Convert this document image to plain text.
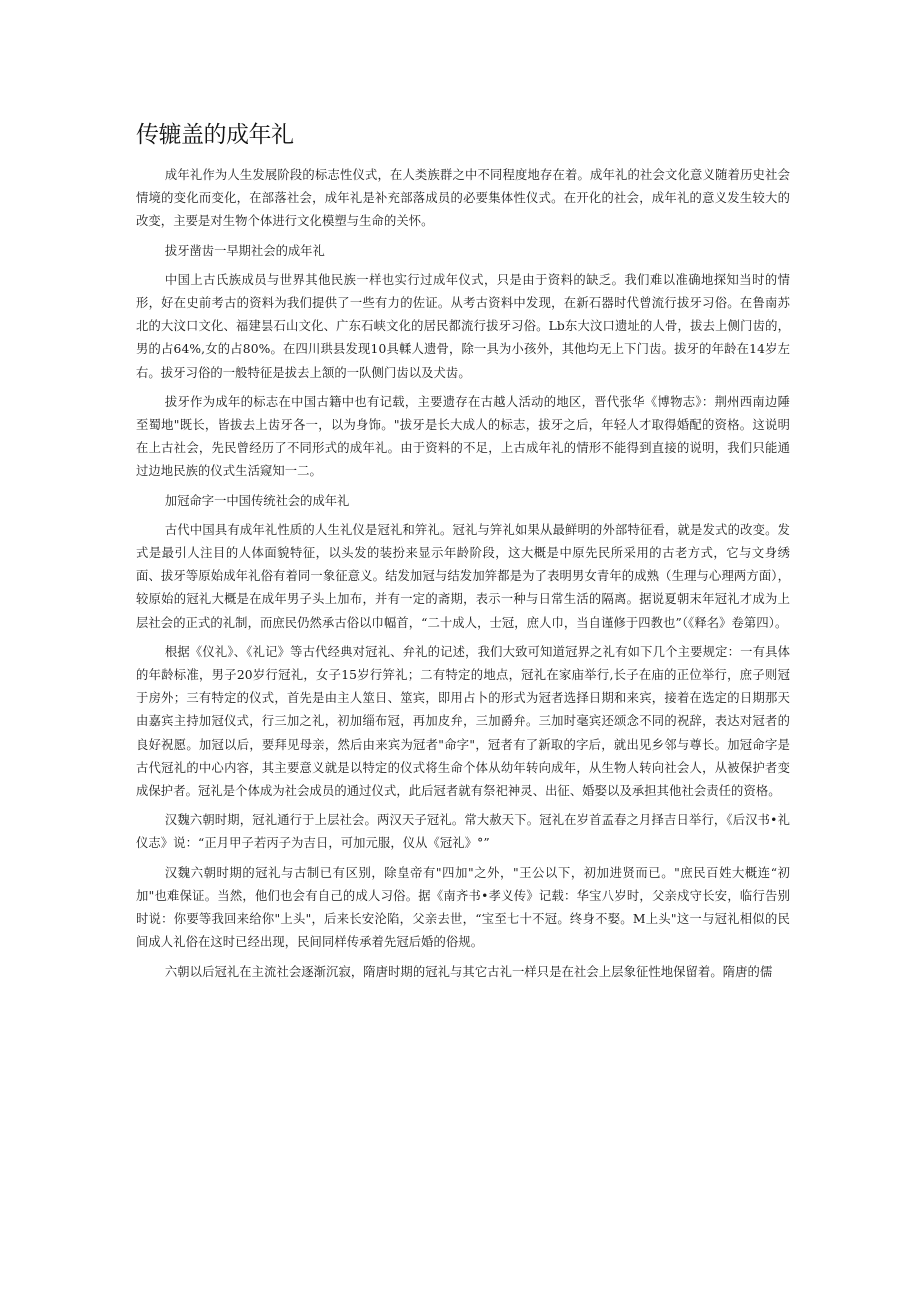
传辘盖的成年礼

成年礼作为人生发展阶段的标志性仪式，在人类族群之中不同程度地存在着。成年礼的社会文化意义随着历史社会情境的变化而变化，在部落社会，成年礼是补充部落成员的必要集体性仪式。在开化的社会，成年礼的意义发生较大的改变，主要是对生物个体进行文化模塑与生命的关怀。

拔牙凿齿一早期社会的成年礼

中国上古氏族成员与世界其他民族一样也实行过成年仪式，只是由于资料的缺乏。我们难以准确地探知当时的情形，好在史前考古的资料为我们提供了一些有力的佐证。从考古资料中发现，在新石器时代曾流行拔牙习俗。在鲁南苏北的大汶口文化、福建昙石山文化、广东石峡文化的居民都流行拔牙习俗。Lb东大汶口遗址的人骨，拔去上侧门齿的，男的占64%,女的占80%。在四川珙县发现10具輮人遗骨，除一具为小孩外，其他均无上下门齿。拔牙的年龄在14岁左右。拔牙习俗的一般特征是拔去上颔的一队侧门齿以及犬齿。

拔牙作为成年的标志在中国古籍中也有记载，主要遗存在古越人活动的地区，晋代张华《博物志》：荆州西南边陲至蜀地"既长，皆拔去上齿牙各一，以为身饰。"拔牙是长大成人的标志，拔牙之后，年轻人才取得婚配的资格。这说明在上古社会，先民曾经历了不同形式的成年礼。由于资料的不足，上古成年礼的情形不能得到直接的说明，我们只能通过边地民族的仪式生活窥知一二。

加冠命字一中国传统社会的成年礼

古代中国具有成年礼性质的人生礼仪是冠礼和笄礼。冠礼与笄礼如果从最鲜明的外部特征看，就是发式的改变。发式是最引人注目的人体面貌特征，以头发的装扮来显示年龄阶段，这大概是中原先民所采用的古老方式，它与文身绣面、拔牙等原始成年礼俗有着同一象征意义。结发加冠与结发加笄都是为了表明男女青年的成熟（生理与心理两方面），较原始的冠礼大概是在成年男子头上加布，并有一定的斋期，表示一种与日常生活的隔离。据说夏朝末年冠礼才成为上层社会的正式的礼制，而庶民仍然承古俗以巾幅首，“二十成人，士冠，庶人巾，当自谨修于四教也”（《释名》卷第四）。

根据《仪礼》、《礼记》等古代经典对冠礼、弁礼的记述，我们大致可知道冠界之礼有如下几个主要规定：一有具体的年龄标准，男子20岁行冠礼，女子15岁行笄礼；二有特定的地点，冠礼在家庙举行,长子在庙的正位举行，庶子则冠于房外；三有特定的仪式，首先是由主人筮日、筮宾，即用占卜的形式为冠者选择日期和来宾，接着在选定的日期那天由嘉宾主持加冠仪式，行三加之礼，初加缁布冠，再加皮弁，三加爵弁。三加时毫宾还颂念不同的祝辞，表达对冠者的良好祝愿。加冠以后，要拜见母亲，然后由来宾为冠者"命字"，冠者有了新取的字后，就出见乡邻与尊长。加冠命字是古代冠礼的中心内容，其主要意义就是以特定的仪式将生命个体从幼年转向成年，从生物人转向社会人，从被保护者变成保护者。冠礼是个体成为社会成员的通过仪式，此后冠者就有祭祀神灵、出征、婚娶以及承担其他社会责任的资格。

汉魏六朝时期，冠礼通行于上层社会。两汉天子冠礼。常大赦天下。冠礼在岁首孟春之月择吉日举行，《后汉书•礼仪志》说：“正月甲子若丙子为吉日，可加元服，仪从《冠礼》°”

汉魏六朝时期的冠礼与古制已有区别，除皇帝有"四加"之外，"王公以下，初加进贤而已。"庶民百姓大概连“初加"也难保证。当然，他们也会有自己的成人习俗。据《南齐书•孝义传》记载：华宝八岁时，父亲戍守长安，临行告别时说：你要等我回来给你"上头"，后来长安沦陷，父亲去世，“宝至七十不冠。终身不娶。M上头"这一与冠礼相似的民间成人礼俗在这时已经出现，民间同样传承着先冠后婚的俗规。

六朝以后冠礼在主流社会逐渐沉寂，隋唐时期的冠礼与其它古礼一样只是在社会上层象征性地保留着。隋唐的儒
